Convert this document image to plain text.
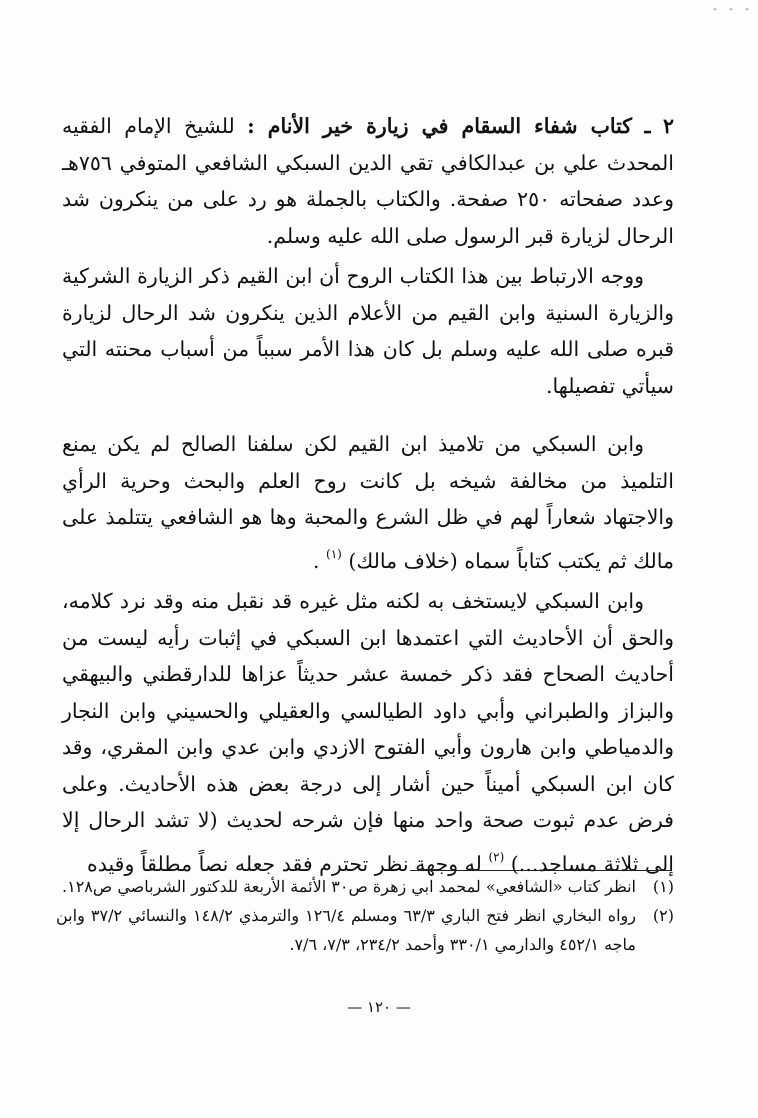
- - -

٢ ـ كتاب شفاء السقام في زيارة خير الأنام : للشيخ الإمام الفقيه المحدث علي بن عبدالكافي تقي الدين السبكي الشافعي المتوفي ٧٥٦هـ وعدد صفحاته ٢٥٠ صفحة. والكتاب بالجملة هو رد على من ينكرون شد الرحال لزيارة قبر الرسول صلى الله عليه وسلم.

ووجه الارتباط بين هذا الكتاب الروح أن ابن القيم ذكر الزيارة الشركية والزيارة السنية وابن القيم من الأعلام الذين ينكرون شد الرحال لزيارة قبره صلى الله عليه وسلم بل كان هذا الأمر سبباً من أسباب محنته التي سيأتي تفصيلها.

وابن السبكي من تلاميذ ابن القيم لكن سلفنا الصالح لم يكن يمنع التلميذ من مخالفة شيخه بل كانت روح العلم والبحث وحرية الرأي والاجتهاد شعاراً لهم في ظل الشرع والمحبة وها هو الشافعي يتتلمذ على مالك ثم يكتب كتاباً سماه (خلاف مالك) $^{(١)}$ .

وابن السبكي لايستخف به لكنه مثل غيره قد نقبل منه وقد نرد كلامه، والحق أن الأحاديث التي اعتمدها ابن السبكي في إثبات رأيه ليست من أحاديث الصحاح فقد ذكر خمسة عشر حديثاً عزاها للدارقطني والبيهقي والبزاز والطبراني وأبي داود الطيالسي والعقيلي والحسيني وابن النجار والدمياطي وابن هارون وأبي الفتوح الازدي وابن عدي وابن المقري، وقد كان ابن السبكي أميناً حين أشار إلى درجة بعض هذه الأحاديث. وعلى فرض عدم ثبوت صحة واحد منها فإن شرحه لحديث (لا تشد الرحال إلا إلى ثلاثة مساجد...) $^{(٢)}$ له وجهة نظر تحترم فقد جعله نصاً مطلقاً وقيده

(١)
انظر كتاب «الشافعي» لمحمد ابي زهرة ص٣٠ الأئمة الأربعة للدكتور الشرباصي ص١٢٨.

(٢)
رواه البخاري انظر فتح الباري ٦٣/٣ ومسلم ١٢٦/٤ والترمذي ١٤٨/٢ والنسائي ٣٧/٢ وابن ماجه ٤٥٢/١ والدارمي ٣٣٠/١ وأحمد ٢٣٤/٢، ٧/٣، ٧/٦.

— ١٢٠ —
